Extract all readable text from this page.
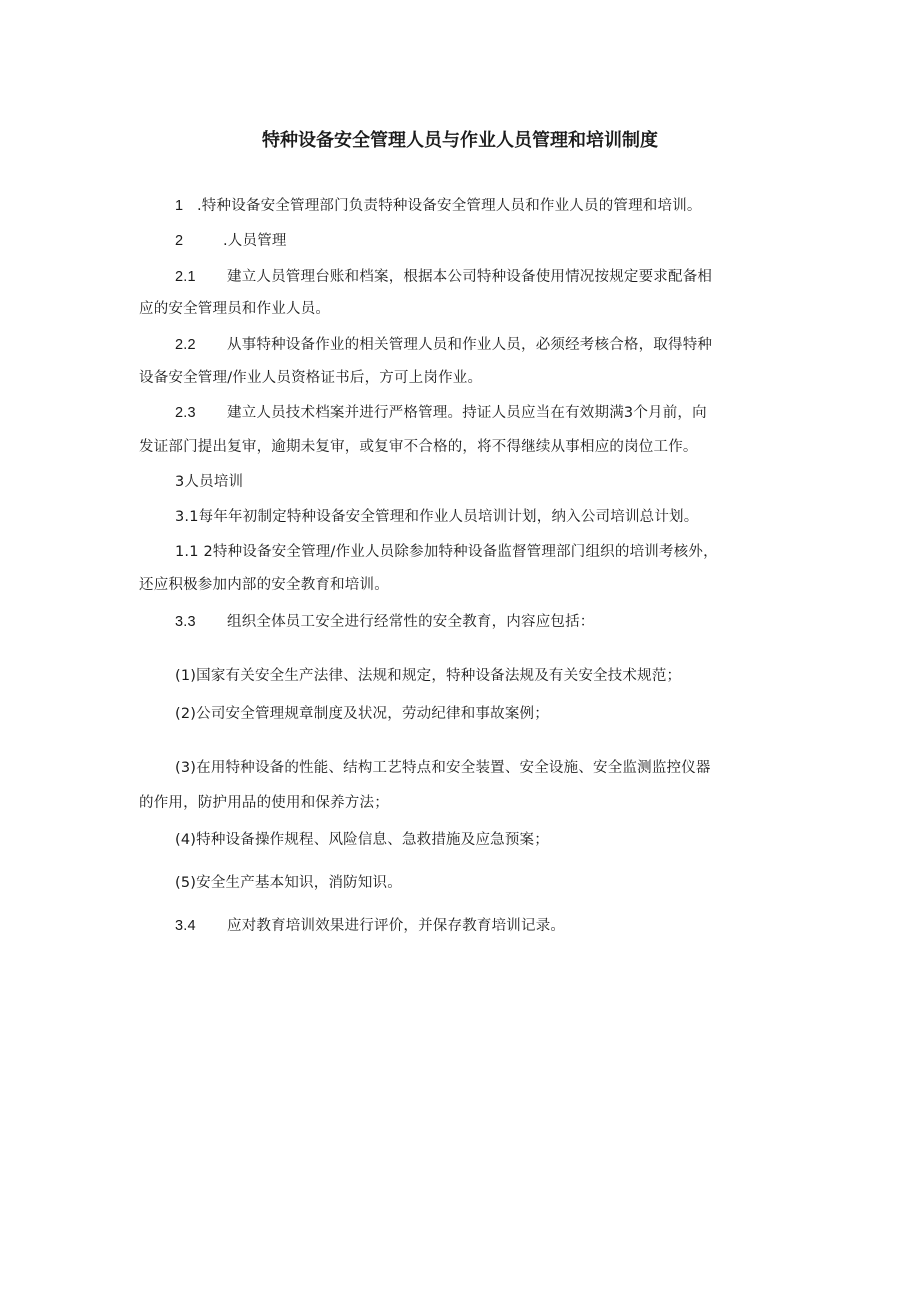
特种设备安全管理人员与作业人员管理和培训制度
1 .特种设备安全管理部门负责特种设备安全管理人员和作业人员的管理和培训。
2	.人员管理
2.1 建立人员管理台账和档案，根据本公司特种设备使用情况按规定要求配备相
应的安全管理员和作业人员。
2.2 从事特种设备作业的相关管理人员和作业人员，必须经考核合格，取得特种
设备安全管理/作业人员资格证书后，方可上岗作业。
2.3 建立人员技术档案并进行严格管理。持证人员应当在有效期满3个月前，向
发证部门提出复审，逾期未复审，或复审不合格的，将不得继续从事相应的岗位工作。
3人员培训
3.1每年年初制定特种设备安全管理和作业人员培训计划，纳入公司培训总计划。
1.1 2特种设备安全管理/作业人员除参加特种设备监督管理部门组织的培训考核外，
还应积极参加内部的安全教育和培训。
3.3 组织全体员工安全进行经常性的安全教育，内容应包括：
(1)国家有关安全生产法律、法规和规定，特种设备法规及有关安全技术规范；
(2)公司安全管理规章制度及状况，劳动纪律和事故案例；
(3)在用特种设备的性能、结构工艺特点和安全装置、安全设施、安全监测监控仪器
的作用，防护用品的使用和保养方法；
(4)特种设备操作规程、风险信息、急救措施及应急预案；
(5)安全生产基本知识，消防知识。
3.4 应对教育培训效果进行评价，并保存教育培训记录。
